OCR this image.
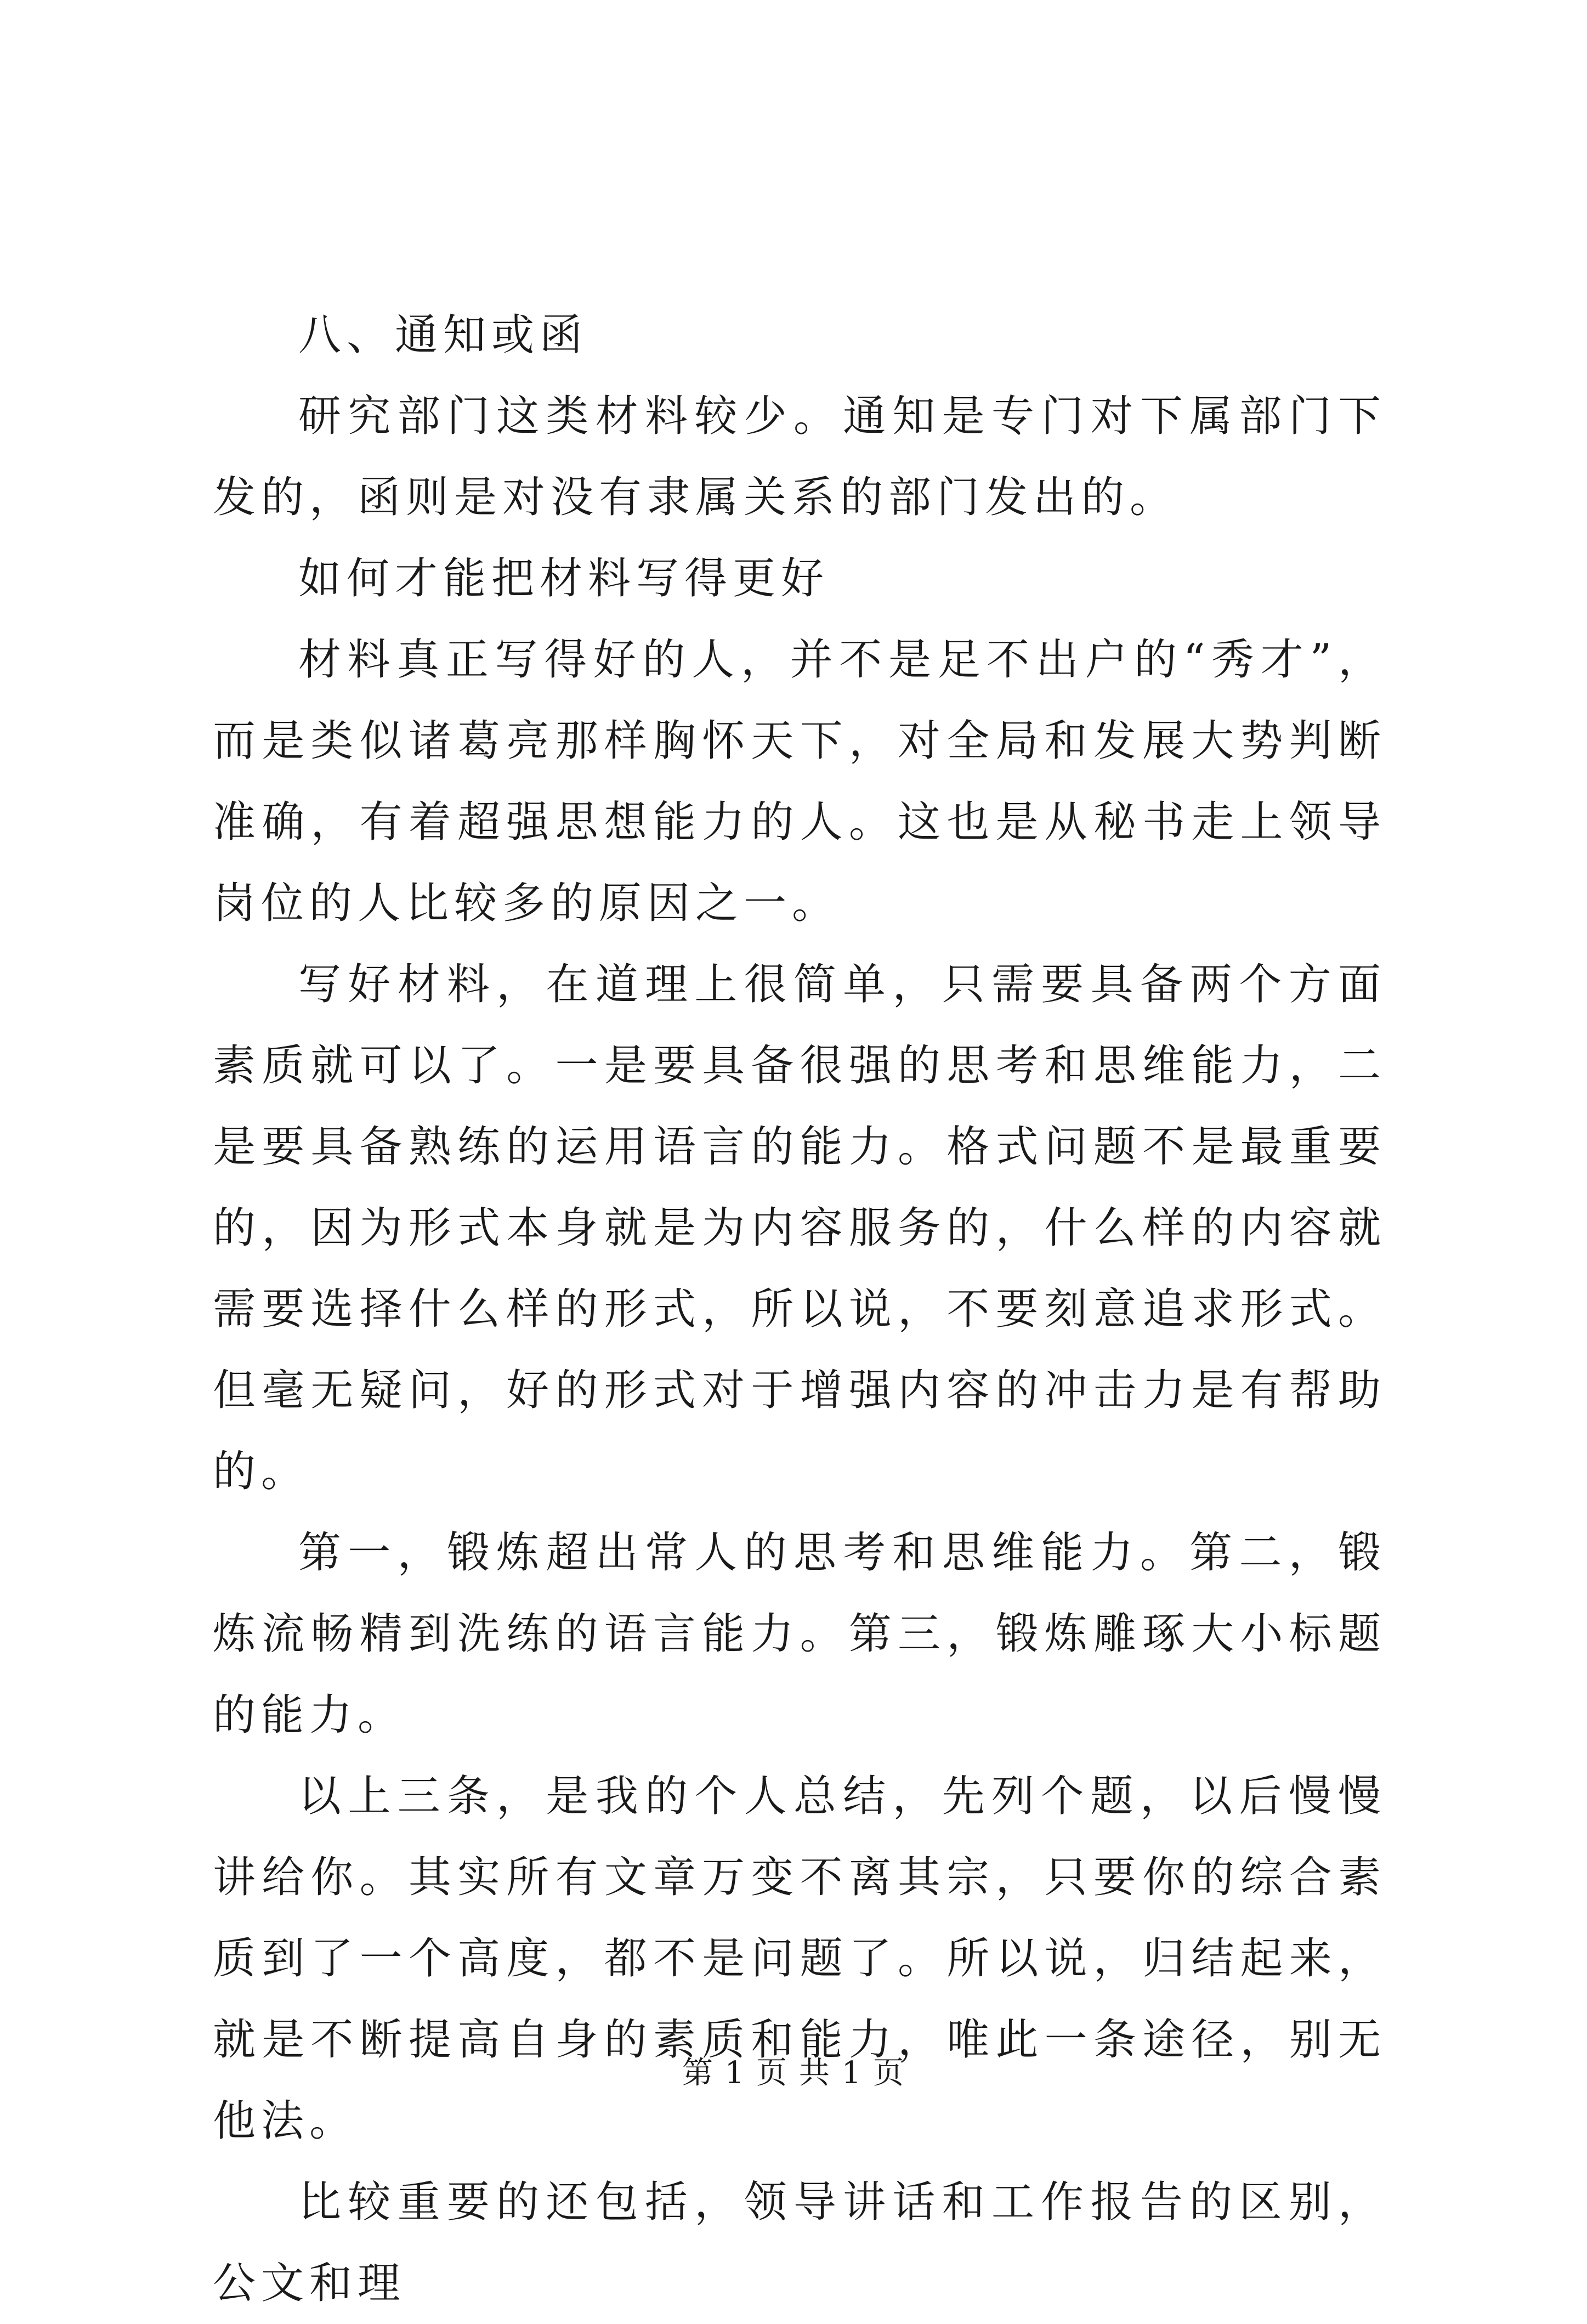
八、通知或函

研究部门这类材料较少。通知是专门对下属部门下发的，函则是对没有隶属关系的部门发出的。

如何才能把材料写得更好

材料真正写得好的人，并不是足不出户的“秀才”，而是类似诸葛亮那样胸怀天下，对全局和发展大势判断准确，有着超强思想能力的人。这也是从秘书走上领导岗位的人比较多的原因之一。

写好材料，在道理上很简单，只需要具备两个方面素质就可以了。一是要具备很强的思考和思维能力，二是要具备熟练的运用语言的能力。格式问题不是最重要的，因为形式本身就是为内容服务的，什么样的内容就需要选择什么样的形式，所以说，不要刻意追求形式。但毫无疑问，好的形式对于增强内容的冲击力是有帮助的。

第一，锻炼超出常人的思考和思维能力。第二，锻炼流畅精到洗练的语言能力。第三，锻炼雕琢大小标题的能力。

以上三条，是我的个人总结，先列个题，以后慢慢讲给你。其实所有文章万变不离其宗，只要你的综合素质到了一个高度，都不是问题了。所以说，归结起来，就是不断提高自身的素质和能力，唯此一条途径，别无他法。

比较重要的还包括，领导讲话和工作报告的区别，公文和理

第 1 页 共 1 页
